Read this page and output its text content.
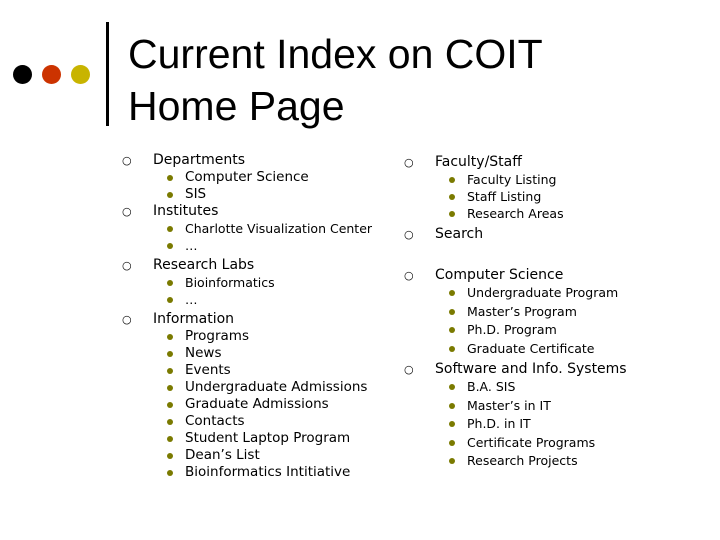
Current Index on COIT
Home Page
○ Departments
Computer Science
SIS
○ Institutes
Charlotte Visualization Center
…
○ Research Labs
Bioinformatics
…
○ Information
Programs
News
Events
Undergraduate Admissions
Graduate Admissions
Contacts
Student Laptop Program
Dean’s List
Bioinformatics Intitiative
○ Faculty/Staff
Faculty Listing
Staff Listing
Research Areas
○ Search
○ Computer Science
Undergraduate Program
Master’s Program
Ph.D. Program
Graduate Certificate
○ Software and Info. Systems
B.A. SIS
Master’s in IT
Ph.D. in IT
Certificate Programs
Research Projects
